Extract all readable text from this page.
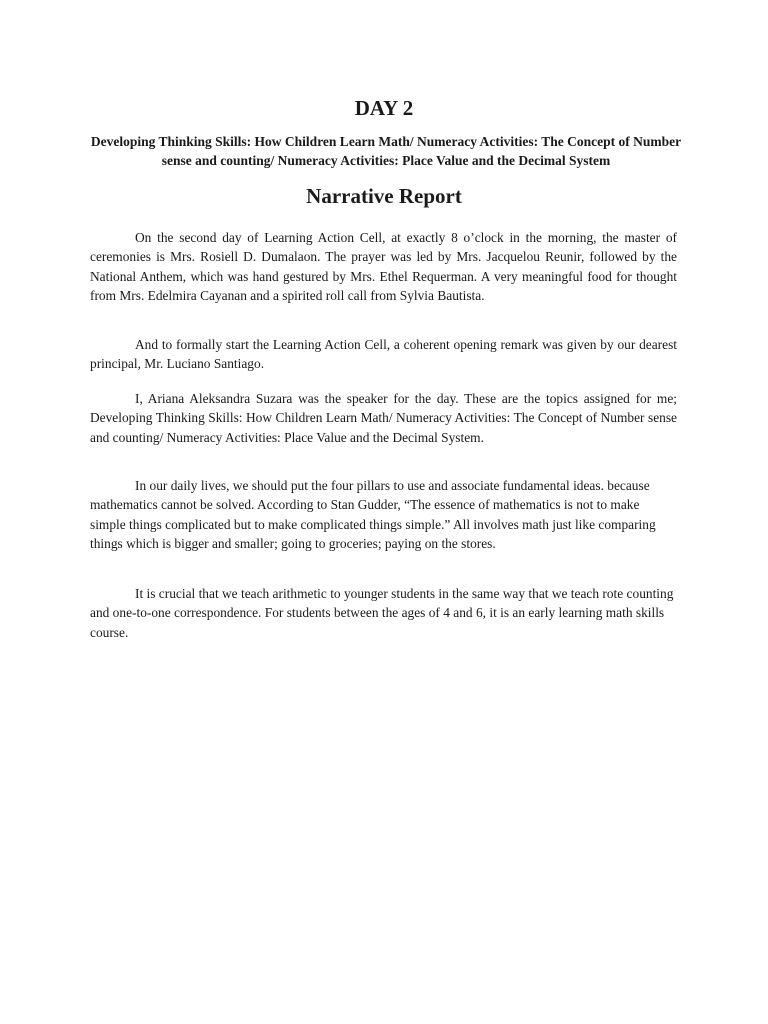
DAY 2

Developing Thinking Skills: How Children Learn Math/ Numeracy Activities: The Concept of Number sense and counting/ Numeracy Activities: Place Value and the Decimal System

Narrative Report

On the second day of Learning Action Cell, at exactly 8 o’clock in the morning, the master of ceremonies is Mrs. Rosiell D. Dumalaon. The prayer was led by Mrs. Jacquelou Reunir, followed by the National Anthem, which was hand gestured by Mrs. Ethel Requerman. A very meaningful food for thought from Mrs. Edelmira Cayanan and a spirited roll call from Sylvia Bautista.

And to formally start the Learning Action Cell, a coherent opening remark was given by our dearest principal, Mr. Luciano Santiago.

I, Ariana Aleksandra Suzara was the speaker for the day. These are the topics assigned for me; Developing Thinking Skills: How Children Learn Math/ Numeracy Activities: The Concept of Number sense and counting/ Numeracy Activities: Place Value and the Decimal System.

In our daily lives, we should put the four pillars to use and associate fundamental ideas. because mathematics cannot be solved. According to Stan Gudder, “The essence of mathematics is not to make simple things complicated but to make complicated things simple.” All involves math just like comparing things which is bigger and smaller; going to groceries; paying on the stores.

It is crucial that we teach arithmetic to younger students in the same way that we teach rote counting and one-to-one correspondence. For students between the ages of 4 and 6, it is an early learning math skills course.
